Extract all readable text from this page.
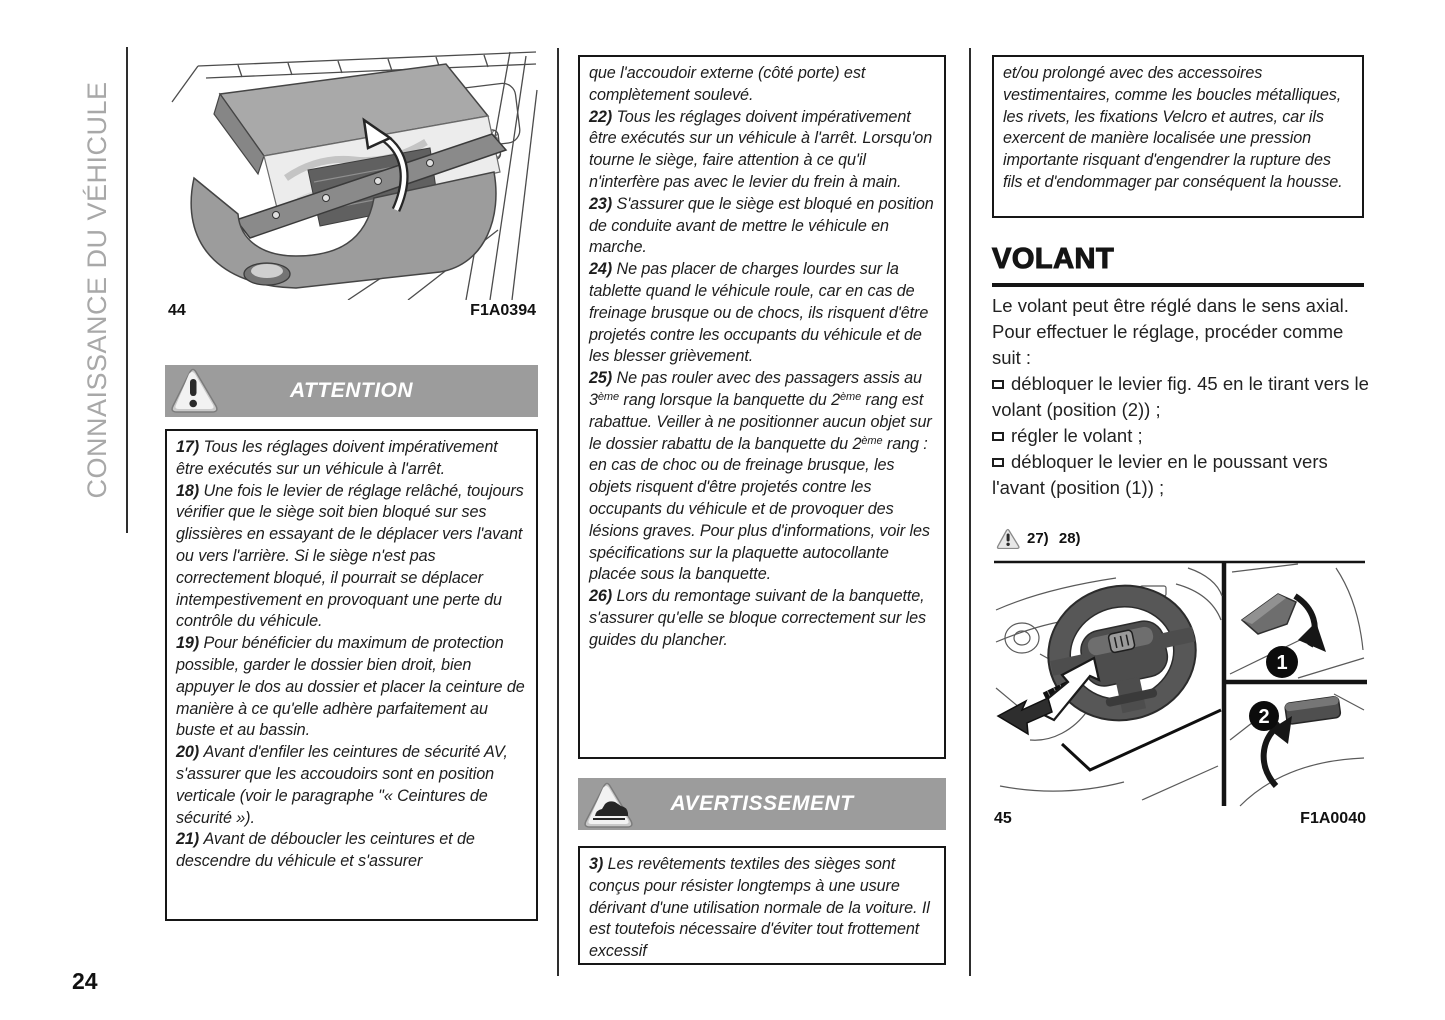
CONNAISSANCE DU VÉHICULE
24
44	F1A0394
ATTENTION

17) Tous les réglages doivent impérativement être exécutés sur un véhicule à l'arrêt.

18) Une fois le levier de réglage relâché, toujours vérifier que le siège soit bien bloqué sur ses glissières en essayant de le déplacer vers l'avant ou vers l'arrière. Si le siège n'est pas correctement bloqué, il pourrait se déplacer intempestivement en provoquant une perte du contrôle du véhicule.

19) Pour bénéficier du maximum de protection possible, garder le dossier bien droit, bien appuyer le dos au dossier et placer la ceinture de manière à ce qu'elle adhère parfaitement au buste et au bassin.

20) Avant d'enfiler les ceintures de sécurité AV, s'assurer que les accoudoirs sont en position verticale (voir le paragraphe "« Ceintures de sécurité »).

21) Avant de déboucler les ceintures et de descendre du véhicule et s'assurer

que l'accoudoir externe (côté porte) est complètement soulevé.

22) Tous les réglages doivent impérativement être exécutés sur un véhicule à l'arrêt. Lorsqu'on tourne le siège, faire attention à ce qu'il n'interfère pas avec le levier du frein à main.

23) S'assurer que le siège est bloqué en position de conduite avant de mettre le véhicule en marche.

24) Ne pas placer de charges lourdes sur la tablette quand le véhicule roule, car en cas de freinage brusque ou de chocs, ils risquent d'être projetés contre les occupants du véhicule et de les blesser grièvement.

25) Ne pas rouler avec des passagers assis au 3ème rang lorsque la banquette du 2ème rang est rabattue. Veiller à ne positionner aucun objet sur le dossier rabattu de la banquette du 2ème rang : en cas de choc ou de freinage brusque, les objets risquent d'être projetés contre les occupants du véhicule et de provoquer des lésions graves. Pour plus d'informations, voir les spécifications sur la plaquette autocollante placée sous la banquette.

26) Lors du remontage suivant de la banquette, s'assurer qu'elle se bloque correctement sur les guides du plancher.

AVERTISSEMENT

3) Les revêtements textiles des sièges sont conçus pour résister longtemps à une usure dérivant d'une utilisation normale de la voiture. Il est toutefois nécessaire d'éviter tout frottement excessif

et/ou prolongé avec des accessoires vestimentaires, comme les boucles métalliques, les rivets, les fixations Velcro et autres, car ils exercent de manière localisée une pression importante risquant d'engendrer la rupture des fils et d'endommager par conséquent la housse.

VOLANT

Le volant peut être réglé dans le sens axial.

Pour effectuer le réglage, procéder comme suit :

débloquer le levier fig. 45 en le tirant vers le volant (position (2)) ;

régler le volant ;

débloquer le levier en le poussant vers l'avant (position (1)) ;

27) 28)
1
2
45	F1A0040
